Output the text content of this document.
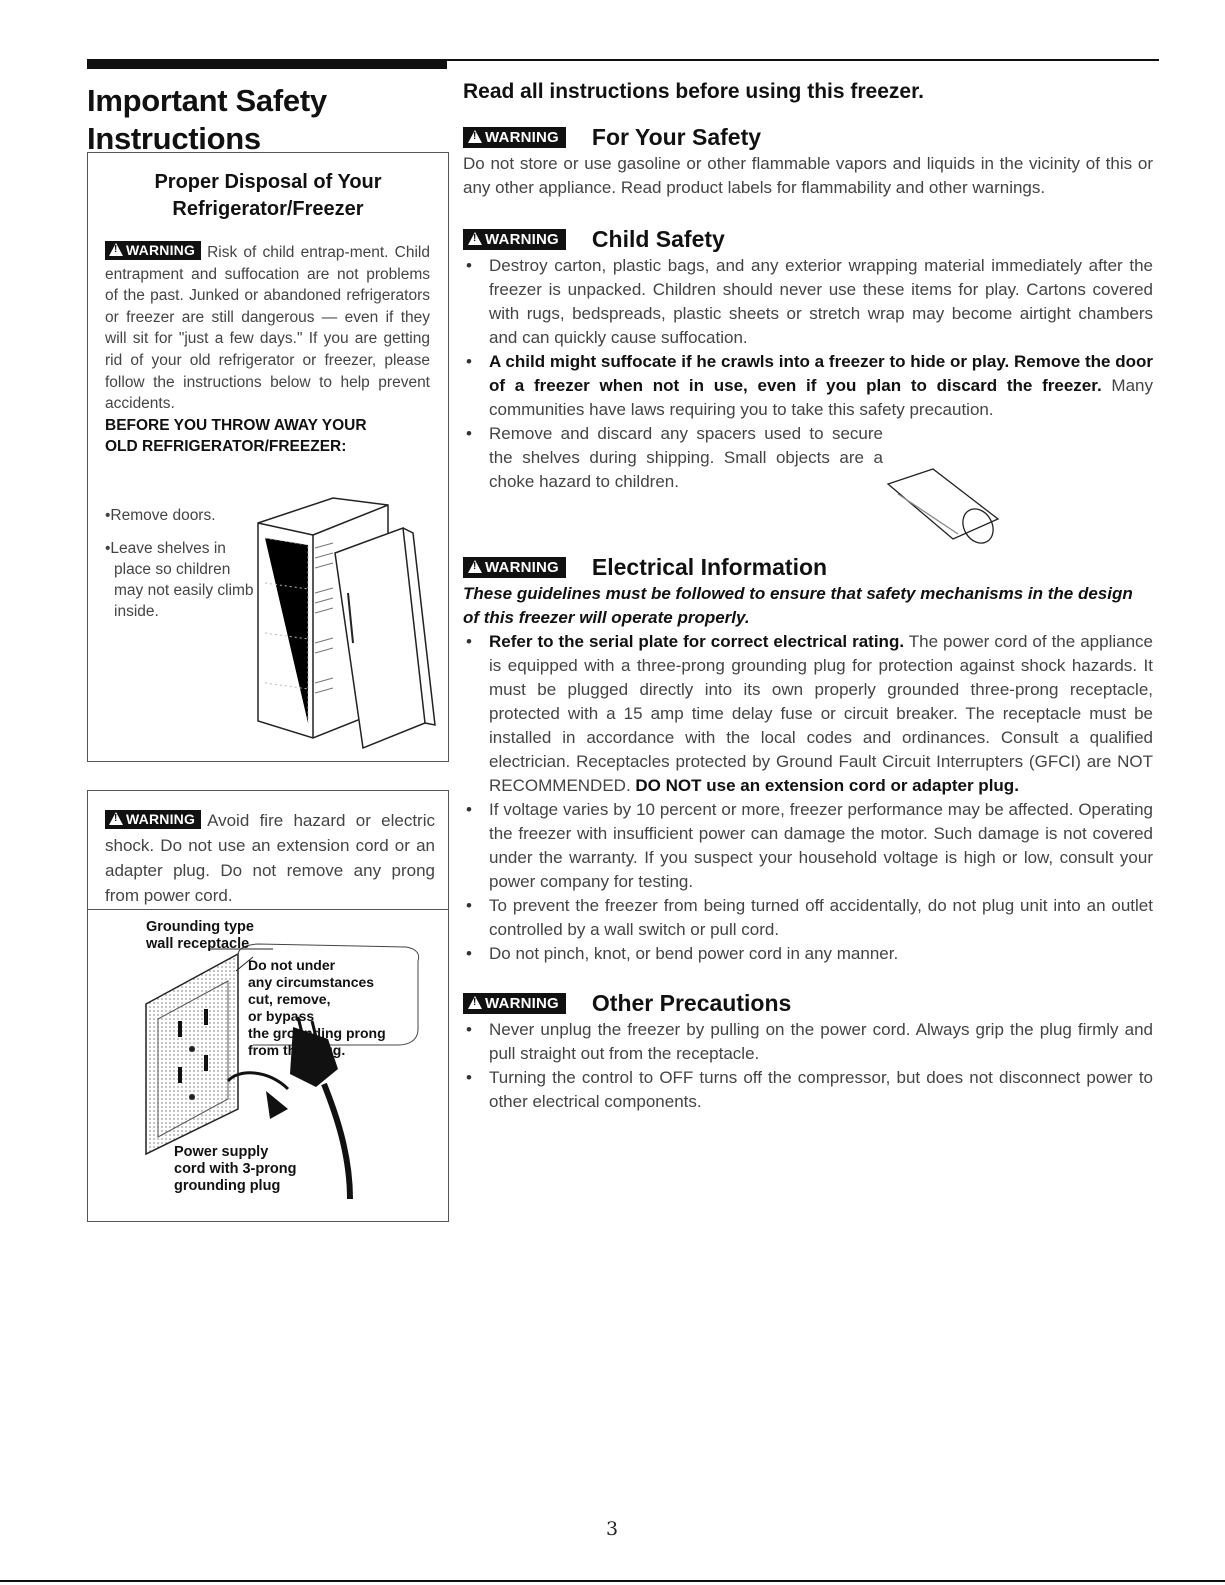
Important Safety
Instructions
Proper Disposal of Your
Refrigerator/Freezer
!WARNING Risk of child entrap-ment. Child entrapment and suffocation are not problems of the past. Junked or abandoned refrigerators or freezer are still dangerous — even if they will sit for "just a few days." If you are getting rid of your old refrigerator or freezer, please follow the instructions below to help prevent accidents.
BEFORE YOU THROW AWAY YOUR
OLD REFRIGERATOR/FREEZER:
•Remove doors.
•Leave shelves in place so children may not easily climb inside.
!WARNING Avoid fire hazard or electric shock. Do not use an extension cord or an adapter plug. Do not remove any prong from power cord.
Grounding type
wall receptacle
Do not under
any circumstances
cut, remove,
or bypass
the grounding prong
from this plug.
Power supply
cord with 3-prong
grounding plug
Read all instructions before using this freezer.
!WARNING	For Your Safety
Do not store or use gasoline or other flammable vapors and liquids in the vicinity of this or any other appliance. Read product labels for flammability and other warnings.
!WARNING	Child Safety
• Destroy carton, plastic bags, and any exterior wrapping material immediately after the freezer is unpacked. Children should never use these items for play. Cartons covered with rugs, bedspreads, plastic sheets or stretch wrap may become airtight chambers and can quickly cause suffocation.
• A child might suffocate if he crawls into a freezer to hide or play. Remove the door of a freezer when not in use, even if you plan to discard the freezer. Many communities have laws requiring you to take this safety precaution.
• Remove and discard any spacers used to secure the shelves during shipping. Small objects are a choke hazard to children.
!WARNING	Electrical Information
These guidelines must be followed to ensure that safety mechanisms in the design of this freezer will operate properly.
• Refer to the serial plate for correct electrical rating. The power cord of the appliance is equipped with a three-prong grounding plug for protection against shock hazards. It must be plugged directly into its own properly grounded three-prong receptacle, protected with a 15 amp time delay fuse or circuit breaker. The receptacle must be installed in accordance with the local codes and ordinances. Consult a qualified electrician. Receptacles protected by Ground Fault Circuit Interrupters (GFCI) are NOT RECOMMENDED. DO NOT use an extension cord or adapter plug.
• If voltage varies by 10 percent or more, freezer performance may be affected. Operating the freezer with insufficient power can damage the motor. Such damage is not covered under the warranty. If you suspect your household voltage is high or low, consult your power company for testing.
• To prevent the freezer from being turned off accidentally, do not plug unit into an outlet controlled by a wall switch or pull cord.
• Do not pinch, knot, or bend power cord in any manner.
!WARNING	Other Precautions
• Never unplug the freezer by pulling on the power cord. Always grip the plug firmly and pull straight out from the receptacle.
• Turning the control to OFF turns off the compressor, but does not disconnect power to other electrical components.
3
